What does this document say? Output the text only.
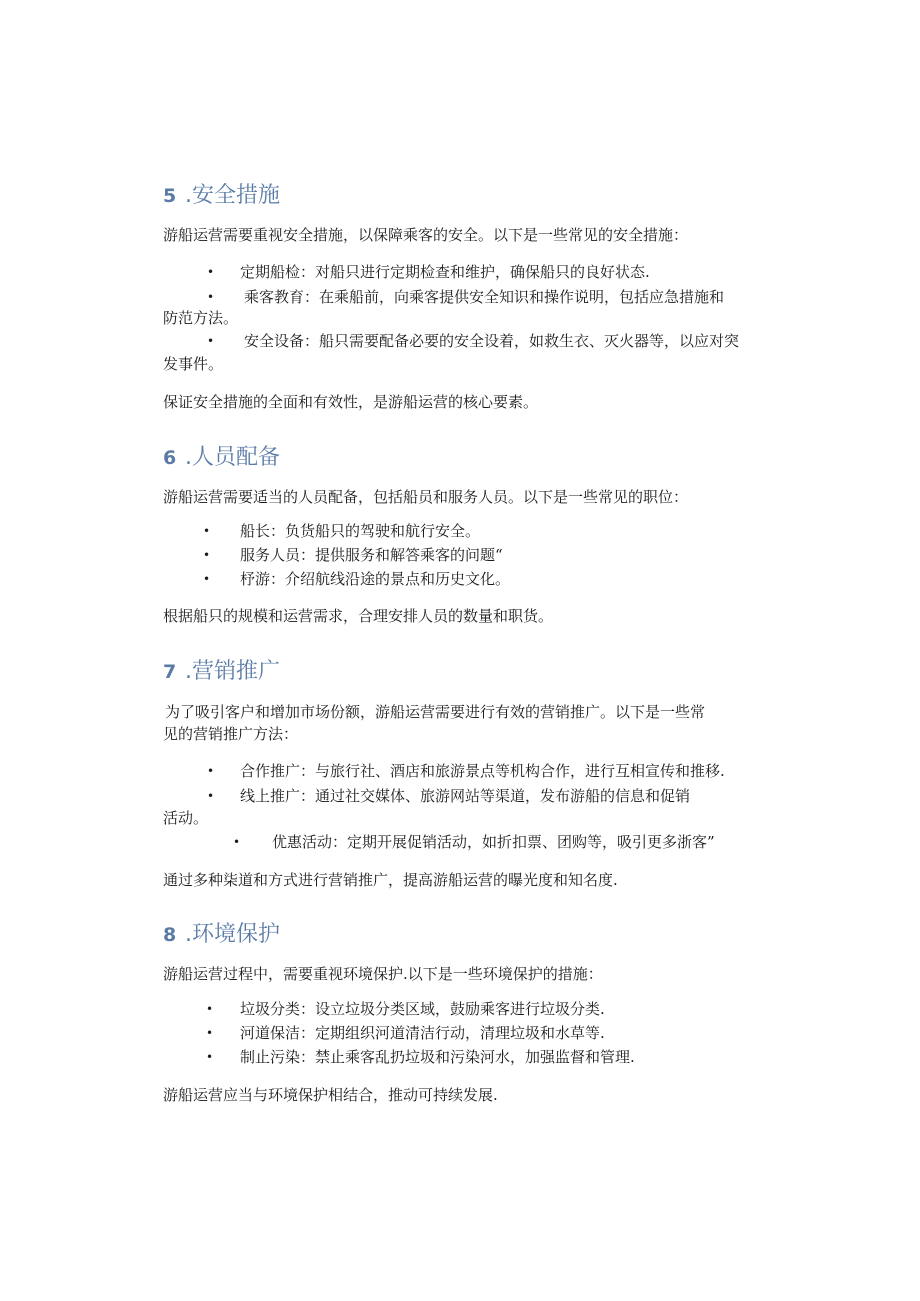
5 .安全措施
游船运营需要重视安全措施，以保障乘客的安全。以下是一些常见的安全措施：
• 定期船检：对船只进行定期检查和维护，确保船只的良好状态.
• 乘客教育：在乘船前，向乘客提供安全知识和操作说明，包括应急措施和
防范方法。
• 安全设备：船只需要配备必要的安全设着，如救生衣、灭火器等，以应对突
发事件。
保证安全措施的全面和有效性，是游船运营的核心要素。
6 .人员配备
游船运营需要适当的人员配备，包括船员和服务人员。以下是一些常见的职位：
• 船长：负货船只的驾驶和航行安全。
• 服务人员：提供服务和解答乘客的问题“
• 杼游：介绍航线沿途的景点和历史文化。
根据船只的规模和运营需求，合理安排人员的数量和职货。
7 .营销推广
为了吸引客户和增加市场份额，游船运营需要进行有效的营销推广。以下是一些常
见的营销推广方法：
• 合作推广：与旅行社、酒店和旅游景点等机构合作，进行互相宣传和推移.
• 线上推广：通过社交媒体、旅游网站等渠道，发布游船的信息和促销
活动。
• 优惠活动：定期开展促销活动，如折扣票、团购等，吸引更多浙客”
通过多种柒道和方式进行营销推广，提高游船运营的曝光度和知名度.
8 .环境保护
游船运营过程中，需要重视环境保护.以下是一些环境保护的措施：
• 垃圾分类：设立垃圾分类区域，鼓励乘客进行垃圾分类.
• 河道保洁：定期组织河道清洁行动，清理垃圾和水草等.
• 制止污染：禁止乘客乱扔垃圾和污染河水，加强监督和管理.
游船运营应当与环境保护相结合，推动可持续发展.
